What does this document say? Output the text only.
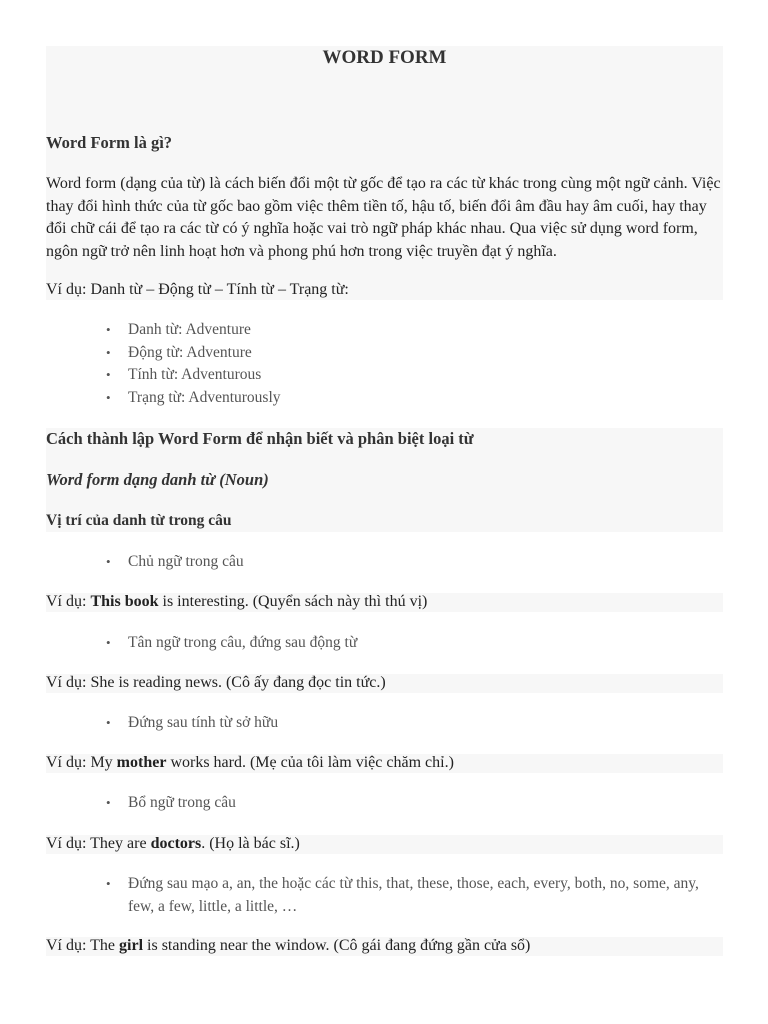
WORD FORM
Word Form là gì?

Word form (dạng của từ) là cách biến đổi một từ gốc để tạo ra các từ khác trong cùng một ngữ cảnh. Việc thay đổi hình thức của từ gốc bao gồm việc thêm tiền tố, hậu tố, biến đổi âm đầu hay âm cuối, hay thay đổi chữ cái để tạo ra các từ có ý nghĩa hoặc vai trò ngữ pháp khác nhau. Qua việc sử dụng word form, ngôn ngữ trở nên linh hoạt hơn và phong phú hơn trong việc truyền đạt ý nghĩa.

Ví dụ: Danh từ – Động từ – Tính từ – Trạng từ:
• Danh từ: Adventure
• Động từ: Adventure
• Tính từ: Adventurous
• Trạng từ: Adventurously
Cách thành lập Word Form để nhận biết và phân biệt loại từ
Word form dạng danh từ (Noun)
Vị trí của danh từ trong câu
• Chủ ngữ trong câu
Ví dụ: This book is interesting. (Quyển sách này thì thú vị)
• Tân ngữ trong câu, đứng sau động từ
Ví dụ: She is reading news. (Cô ấy đang đọc tin tức.)
• Đứng sau tính từ sở hữu
Ví dụ: My mother works hard. (Mẹ của tôi làm việc chăm chỉ.)
• Bổ ngữ trong câu
Ví dụ: They are doctors. (Họ là bác sĩ.)
• Đứng sau mạo a, an, the hoặc các từ this, that, these, those, each, every, both, no, some, any, few, a few, little, a little, …
Ví dụ: The girl is standing near the window. (Cô gái đang đứng gần cửa sổ)
